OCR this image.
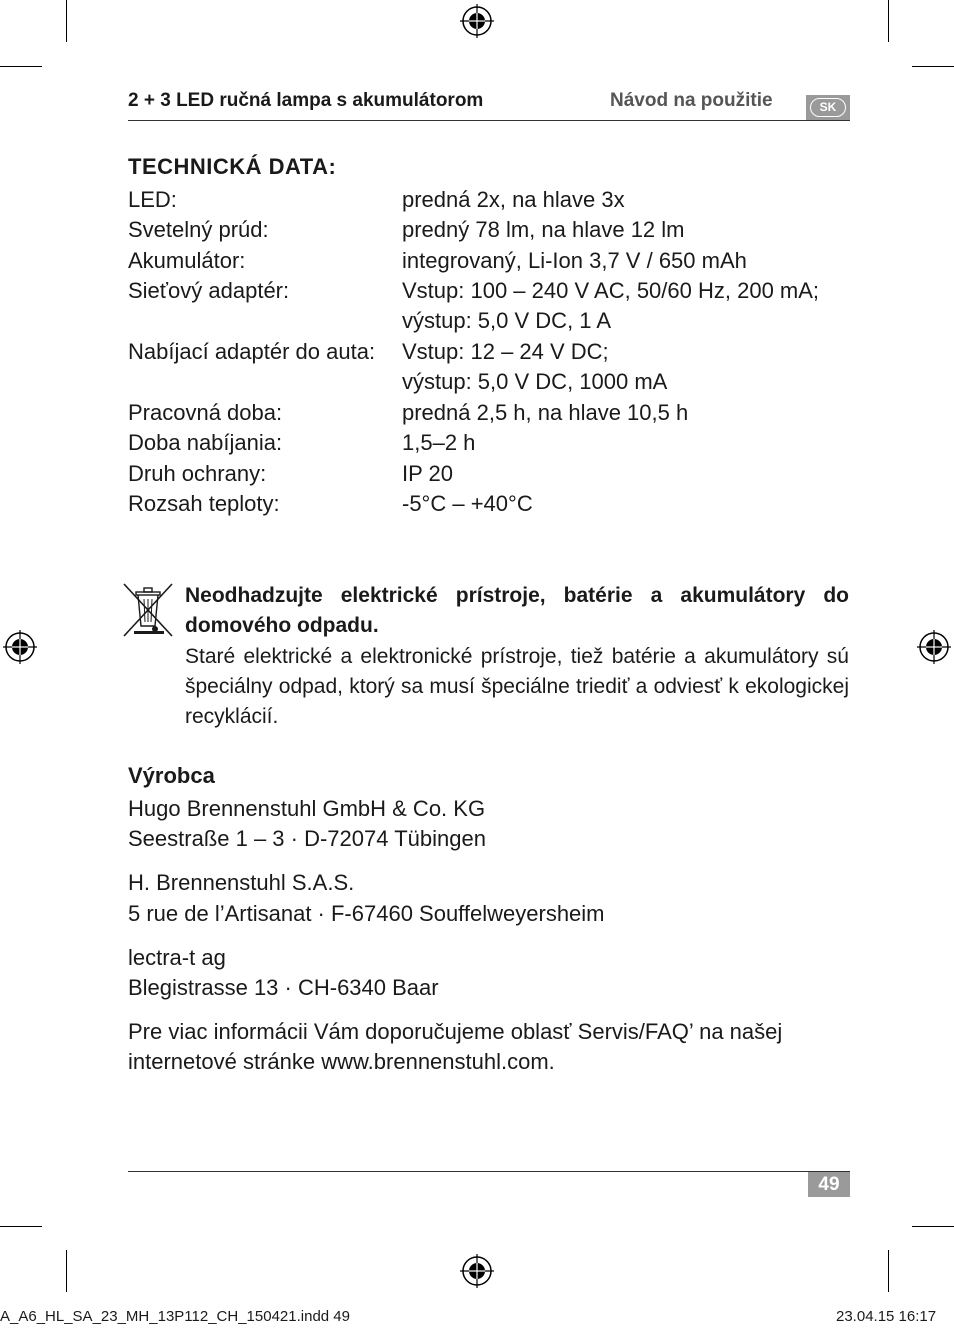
2 + 3 LED ručná lampa s akumulátorom	Návod na použitie	SK
TECHNICKÁ DATA:
LED:	predná 2x, na hlave 3x
Svetelný prúd:	predný 78 lm, na hlave 12 lm
Akumulátor:	integrovaný, Li-Ion 3,7 V / 650 mAh
Sieťový adaptér:	Vstup: 100 – 240 V AC, 50/60 Hz, 200 mA;
výstup: 5,0 V DC, 1 A
Nabíjací adaptér do auta: Vstup: 12 – 24 V DC;
výstup: 5,0 V DC, 1000 mA
Pracovná doba:	predná 2,5 h, na hlave 10,5 h
Doba nabíjania:	1,5–2 h
Druh ochrany:	IP 20
Rozsah teploty:	-5°C – +40°C
Neodhadzujte elektrické prístroje, batérie a akumulátory do domového odpadu.
Staré elektrické a elektronické prístroje, tiež batérie a akumulátory sú špeciálny odpad, ktorý sa musí špeciálne triediť a odviesť k ekologickej recyklácií.
Výrobca
Hugo Brennenstuhl GmbH & Co. KG
Seestraße 1 – 3 · D-72074 Tübingen
H. Brennenstuhl S.A.S.
5 rue de l’Artisanat · F-67460 Souffelweyersheim
lectra-t ag
Blegistrasse 13 · CH-6340 Baar
Pre viac informácii Vám doporučujeme oblasť Servis/FAQ’ na našej internetové stránke www.brennenstuhl.com.
49
A_A6_HL_SA_23_MH_13P112_CH_150421.indd 49	23.04.15 16:17
